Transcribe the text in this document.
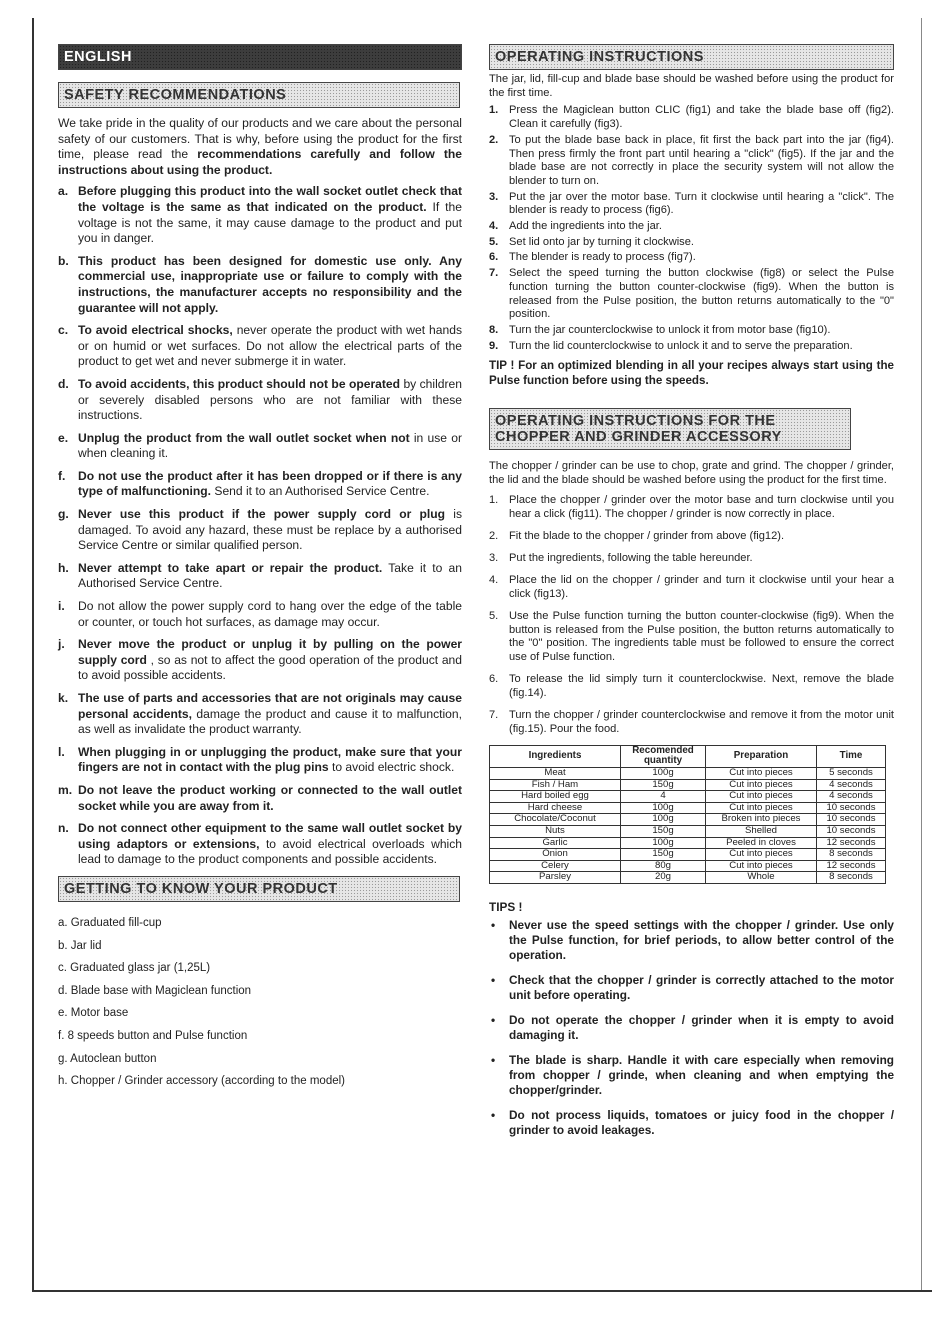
ENGLISH
SAFETY RECOMMENDATIONS

We take pride in the quality of our products and we care about the personal safety of our customers. That is why, before using the product for the first time, please read the recommendations carefully and follow the instructions about using the product.

a. Before plugging this product into the wall socket outlet check that the voltage is the same as that indicated on the product. If the voltage is not the same, it may cause damage to the product and put you in danger.
b. This product has been designed for domestic use only. Any commercial use, inappropriate use or failure to comply with the instructions, the manufacturer accepts no responsibility and the guarantee will not apply.
c. To avoid electrical shocks, never operate the product with wet hands or on humid or wet surfaces. Do not allow the electrical parts of the product to get wet and never submerge it in water.
d. To avoid accidents, this product should not be operated by children or severely disabled persons who are not familiar with these instructions.
e. Unplug the product from the wall outlet socket when not in use or when cleaning it.
f. Do not use the product after it has been dropped or if there is any type of malfunctioning. Send it to an Authorised Service Centre.
g. Never use this product if the power supply cord or plug is damaged. To avoid any hazard, these must be replace by a authorised Service Centre or similar qualified person.
h. Never attempt to take apart or repair the product. Take it to an Authorised Service Centre.
i. Do not allow the power supply cord to hang over the edge of the table or counter, or touch hot surfaces, as damage may occur.
j. Never move the product or unplug it by pulling on the power supply cord , so as not to affect the good operation of the product and to avoid possible accidents.
k. The use of parts and accessories that are not originals may cause personal accidents, damage the product and cause it to malfunction, as well as invalidate the product warranty.
l. When plugging in or unplugging the product, make sure that your fingers are not in contact with the plug pins to avoid electric shock.
m. Do not leave the product working or connected to the wall outlet socket while you are away from it.
n. Do not connect other equipment to the same wall outlet socket by using adaptors or extensions, to avoid electrical overloads which lead to damage to the product components and possible accidents.
GETTING TO KNOW YOUR PRODUCT
a. Graduated fill-cup
b. Jar lid
c. Graduated glass jar (1,25L)
d. Blade base with Magiclean function
e. Motor base
f. 8 speeds button and Pulse function
g. Autoclean button
h. Chopper / Grinder accessory (according to the model)
OPERATING INSTRUCTIONS

The jar, lid, fill-cup and blade base should be washed before using the product for the first time.

1. Press the Magiclean button CLIC (fig1) and take the blade base off (fig2). Clean it carefully (fig3).
2. To put the blade base back in place, fit first the back part into the jar (fig4). Then press firmly the front part until hearing a "click" (fig5). If the jar and the blade base are not correctly in place the security system will not allow the blender to turn on.
3. Put the jar over the motor base. Turn it clockwise until hearing a "click". The blender is ready to process (fig6).
4. Add the ingredients into the jar.
5. Set lid onto jar by turning it clockwise.
6. The blender is ready to process (fig7).
7. Select the speed turning the button clockwise (fig8) or select the Pulse function turning the button counter-clockwise (fig9). When the button is released from the Pulse position, the button returns automatically to the "0" position.
8. Turn the jar counterclockwise to unlock it from motor base (fig10).
9. Turn the lid counterclockwise to unlock it and to serve the preparation.

TIP ! For an optimized blending in all your recipes always start using the Pulse function before using the speeds.

OPERATING INSTRUCTIONS FOR THE CHOPPER AND GRINDER ACCESSORY

The chopper / grinder can be use to chop, grate and grind. The chopper / grinder, the lid and the blade should be washed before using the product for the first time.

1. Place the chopper / grinder over the motor base and turn clockwise until you hear a click (fig11). The chopper / grinder is now correctly in place.
2. Fit the blade to the chopper / grinder from above (fig12).
3. Put the ingredients, following the table hereunder.
4. Place the lid on the chopper / grinder and turn it clockwise until your hear a click (fig13).
5. Use the Pulse function turning the button counter-clockwise (fig9). When the button is released from the Pulse position, the button returns automatically to the "0" position. The ingredients table must be followed to ensure the correct use of Pulse function.
6. To release the lid simply turn it counterclockwise. Next, remove the blade (fig.14).
7. Turn the chopper / grinder counterclockwise and remove it from the motor unit (fig.15). Pour the food.
Ingredients	Recomended quantity	Preparation	Time
Meat	100g	Cut into pieces	5 seconds
Fish / Ham	150g	Cut into pieces	4 seconds
Hard boiled egg	4	Cut into pieces	4 seconds
Hard cheese	100g	Cut into pieces	10 seconds
Chocolate/Coconut	100g	Broken into pieces	10 seconds
Nuts	150g	Shelled	10 seconds
Garlic	100g	Peeled in cloves	12 seconds
Onion	150g	Cut into pieces	8 seconds
Celery	80g	Cut into pieces	12 seconds
Parsley	20g	Whole	8 seconds
TIPS !
• Never use the speed settings with the chopper / grinder. Use only the Pulse function, for brief periods, to allow better control of the operation.
• Check that the chopper / grinder is correctly attached to the motor unit before operating.
• Do not operate the chopper / grinder when it is empty to avoid damaging it.
• The blade is sharp. Handle it with care especially when removing from chopper / grinde, when cleaning and when emptying the chopper/grinder.
• Do not process liquids, tomatoes or juicy food in the chopper / grinder to avoid leakages.
